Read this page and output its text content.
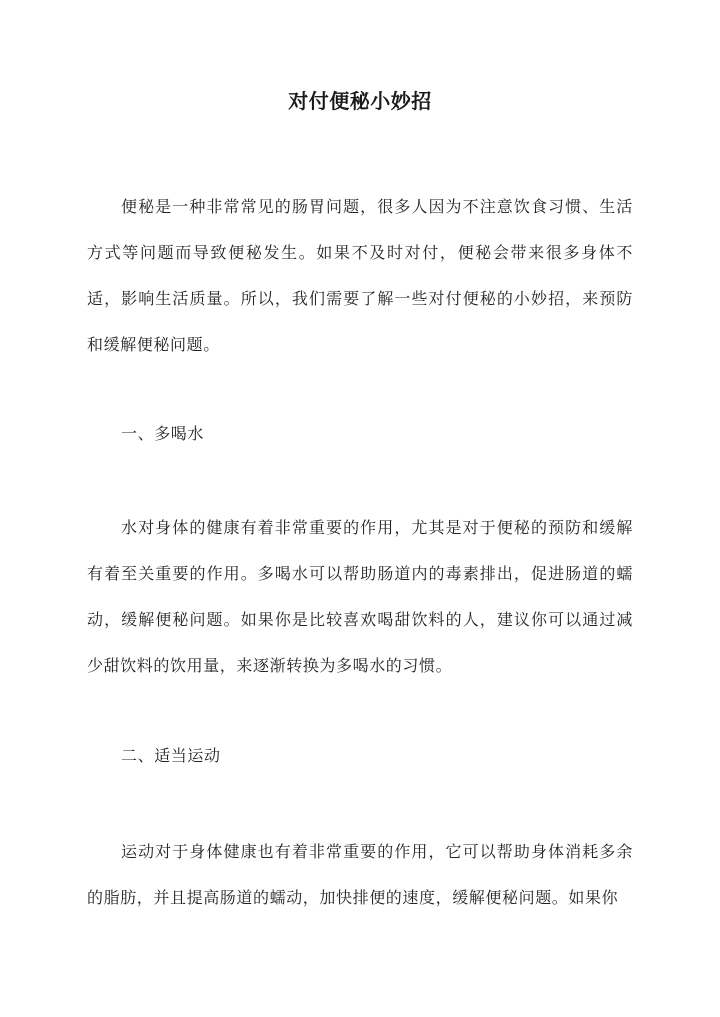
对付便秘小妙招

便秘是一种非常常见的肠胃问题，很多人因为不注意饮食习惯、生活方式等问题而导致便秘发生。如果不及时对付，便秘会带来很多身体不适，影响生活质量。所以，我们需要了解一些对付便秘的小妙招，来预防和缓解便秘问题。

一、多喝水

水对身体的健康有着非常重要的作用，尤其是对于便秘的预防和缓解有着至关重要的作用。多喝水可以帮助肠道内的毒素排出，促进肠道的蠕动，缓解便秘问题。如果你是比较喜欢喝甜饮料的人，建议你可以通过减少甜饮料的饮用量，来逐渐转换为多喝水的习惯。

二、适当运动

运动对于身体健康也有着非常重要的作用，它可以帮助身体消耗多余的脂肪，并且提高肠道的蠕动，加快排便的速度，缓解便秘问题。如果你
